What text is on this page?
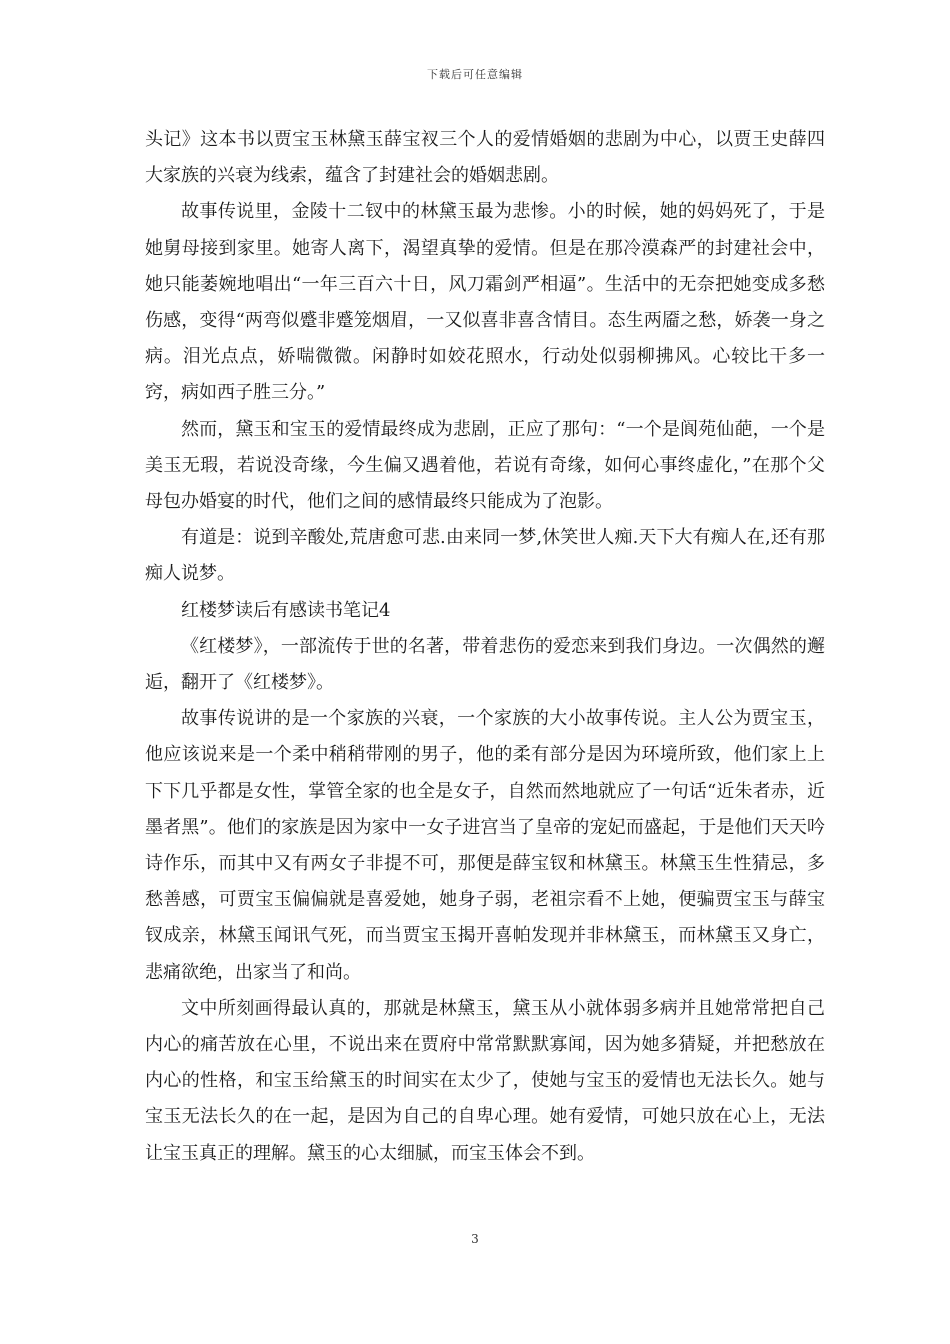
下载后可任意编辑

头记》这本书以贾宝玉林黛玉薛宝衩三个人的爱情婚姻的悲剧为中心，以贾王史薛四大家族的兴衰为线索，蕴含了封建社会的婚姻悲剧。

故事传说里，金陵十二钗中的林黛玉最为悲惨。小的时候，她的妈妈死了，于是她舅母接到家里。她寄人离下，渴望真挚的爱情。但是在那冷漠森严的封建社会中，她只能萎婉地唱出“一年三百六十日，风刀霜剑严相逼”。生活中的无奈把她变成多愁伤感，变得“两弯似蹙非蹙笼烟眉，一又似喜非喜含情目。态生两靥之愁，娇袭一身之病。泪光点点，娇喘微微。闲静时如姣花照水，行动处似弱柳拂风。心较比干多一窍，病如西子胜三分。”

然而，黛玉和宝玉的爱情最终成为悲剧，正应了那句：“一个是阆苑仙葩，一个是美玉无瑕，若说没奇缘，今生偏又遇着他，若说有奇缘，如何心事终虚化，”在那个父母包办婚宴的时代，他们之间的感情最终只能成为了泡影。

有道是：说到辛酸处,荒唐愈可悲.由来同一梦,休笑世人痴.天下大有痴人在,还有那痴人说梦。

红楼梦读后有感读书笔记4

《红楼梦》，一部流传于世的名著，带着悲伤的爱恋来到我们身边。一次偶然的邂逅，翻开了《红楼梦》。

故事传说讲的是一个家族的兴衰，一个家族的大小故事传说。主人公为贾宝玉，他应该说来是一个柔中稍稍带刚的男子，他的柔有部分是因为环境所致，他们家上上下下几乎都是女性，掌管全家的也全是女子，自然而然地就应了一句话“近朱者赤，近墨者黑”。他们的家族是因为家中一女子进宫当了皇帝的宠妃而盛起，于是他们天天吟诗作乐，而其中又有两女子非提不可，那便是薛宝钗和林黛玉。林黛玉生性猜忌，多愁善感，可贾宝玉偏偏就是喜爱她，她身子弱，老祖宗看不上她，便骗贾宝玉与薛宝钗成亲，林黛玉闻讯气死，而当贾宝玉揭开喜帕发现并非林黛玉，而林黛玉又身亡，悲痛欲绝，出家当了和尚。

文中所刻画得最认真的，那就是林黛玉，黛玉从小就体弱多病并且她常常把自己内心的痛苦放在心里，不说出来在贾府中常常默默寡闻，因为她多猜疑，并把愁放在内心的性格，和宝玉给黛玉的时间实在太少了，使她与宝玉的爱情也无法长久。她与宝玉无法长久的在一起，是因为自己的自卑心理。她有爱情，可她只放在心上，无法让宝玉真正的理解。黛玉的心太细腻，而宝玉体会不到。

3
